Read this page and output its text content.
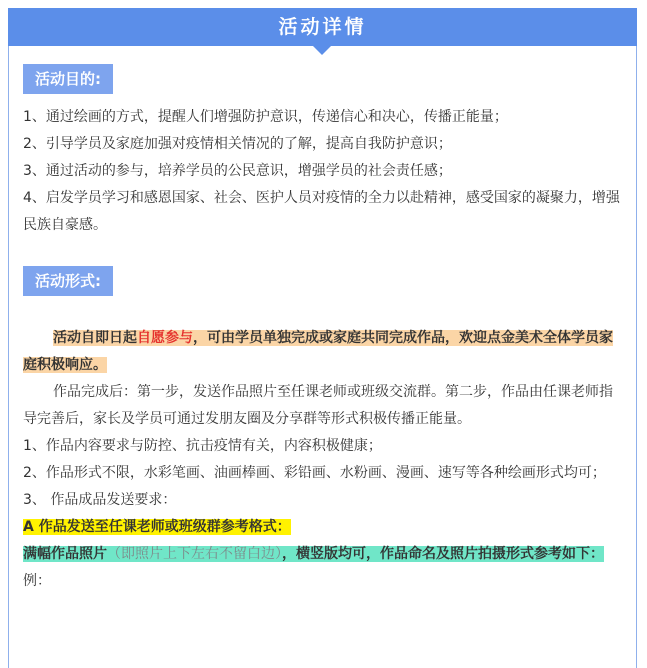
活动详情
活动目的:
1、通过绘画的方式，提醒人们增强防护意识，传递信心和决心，传播正能量；
2、引导学员及家庭加强对疫情相关情况的了解，提高自我防护意识；
3、通过活动的参与，培养学员的公民意识，增强学员的社会责任感；
4、启发学员学习和感恩国家、社会、医护人员对疫情的全力以赴精神，感受国家的凝聚力，增强民族自豪感。
活动形式:
活动自即日起自愿参与，可由学员单独完成或家庭共同完成作品，欢迎点金美术全体学员家庭积极响应。
作品完成后：第一步，发送作品照片至任课老师或班级交流群。第二步，作品由任课老师指导完善后，家长及学员可通过发朋友圈及分享群等形式积极传播正能量。
1、作品内容要求与防控、抗击疫情有关，内容积极健康；
2、作品形式不限，水彩笔画、油画棒画、彩铅画、水粉画、漫画、速写等各种绘画形式均可；
3、 作品成品发送要求：
A 作品发送至任课老师或班级群参考格式：
满幅作品照片（即照片上下左右不留白边），横竖版均可，作品命名及照片拍摄形式参考如下：
例：
